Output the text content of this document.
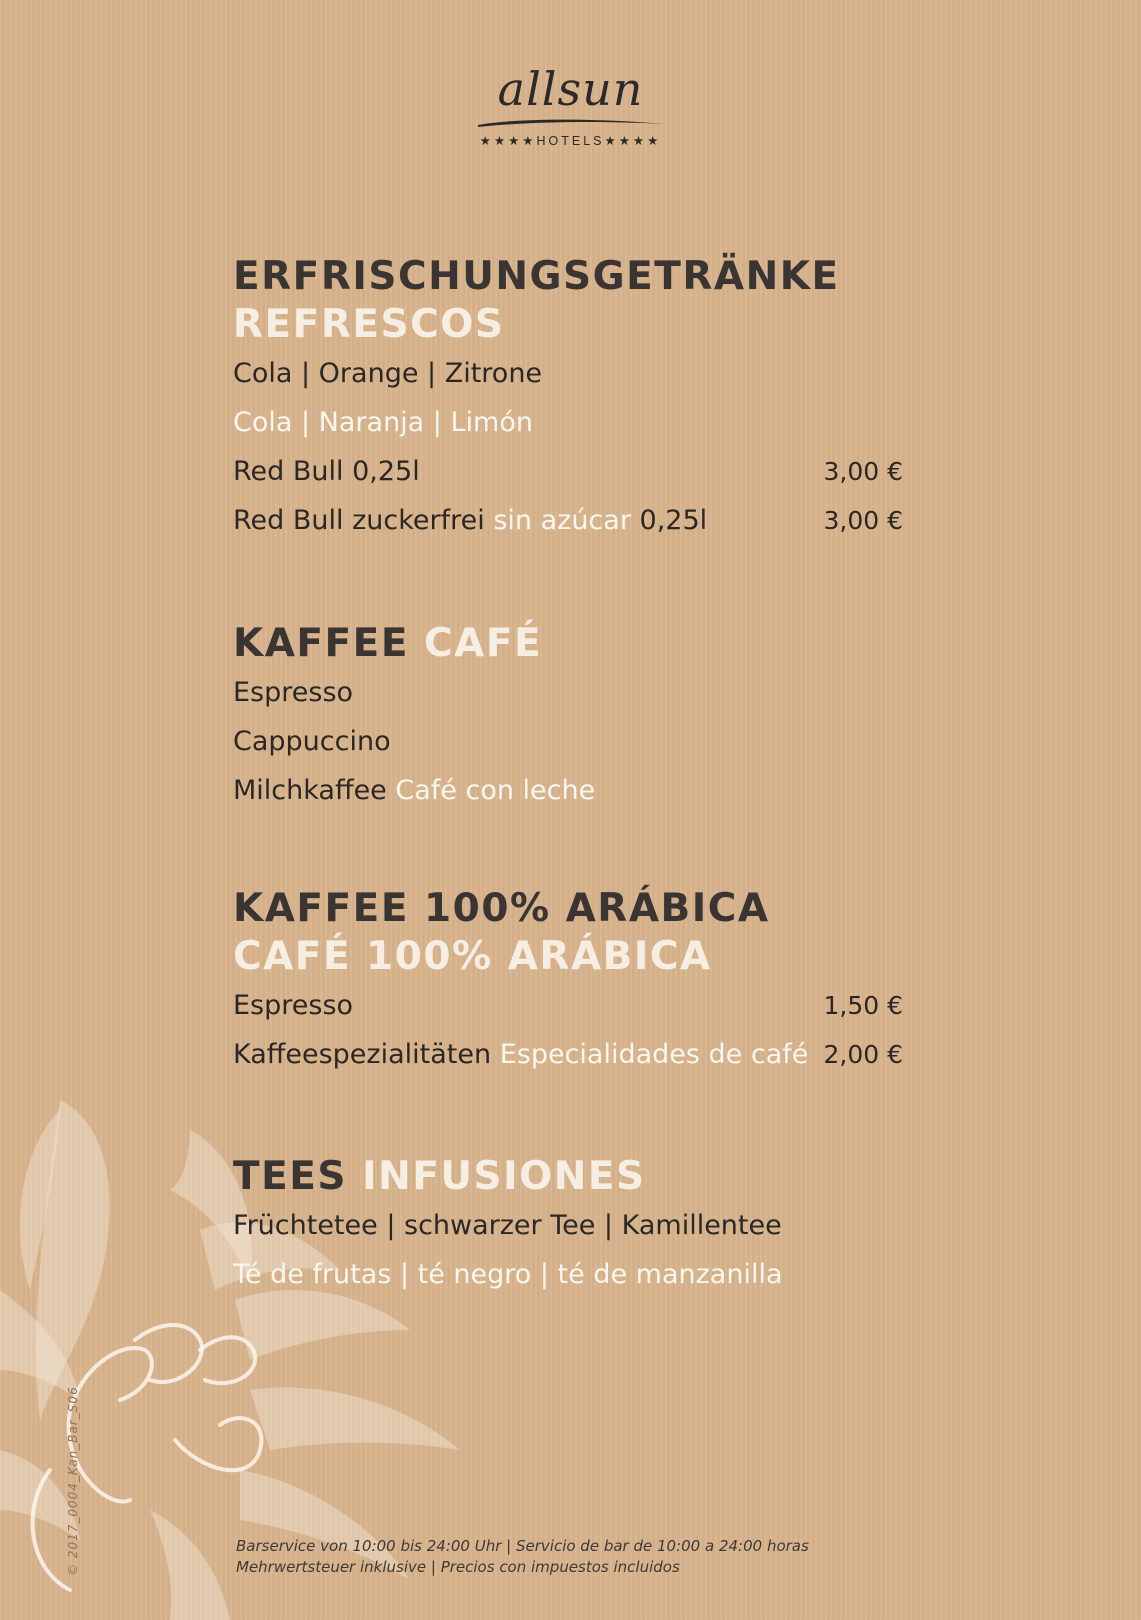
allsun
★★★★HOTELS★★★★
ERFRISCHUNGSGETRÄNKE
REFRESCOS
Cola | Orange | Zitrone
Cola | Naranja | Limón
Red Bull 0,25l	3,00 €
Red Bull zuckerfrei sin azúcar 0,25l	3,00 €
KAFFEE CAFÉ
Espresso
Cappuccino
Milchkaffee Café con leche
KAFFEE 100% ARÁBICA
CAFÉ 100% ARÁBICA
Espresso	1,50 €
Kaffeespezialitäten Especialidades de café 2,00 €
TEES INFUSIONES
Früchtetee | schwarzer Tee | Kamillentee
Té de frutas | té negro | té de manzanilla
Barservice von 10:00 bis 24:00 Uhr | Servicio de bar de 10:00 a 24:00 horas
Mehrwertsteuer inklusive | Precios con impuestos incluidos
© 2017_0004_Kan_Bar_S06
